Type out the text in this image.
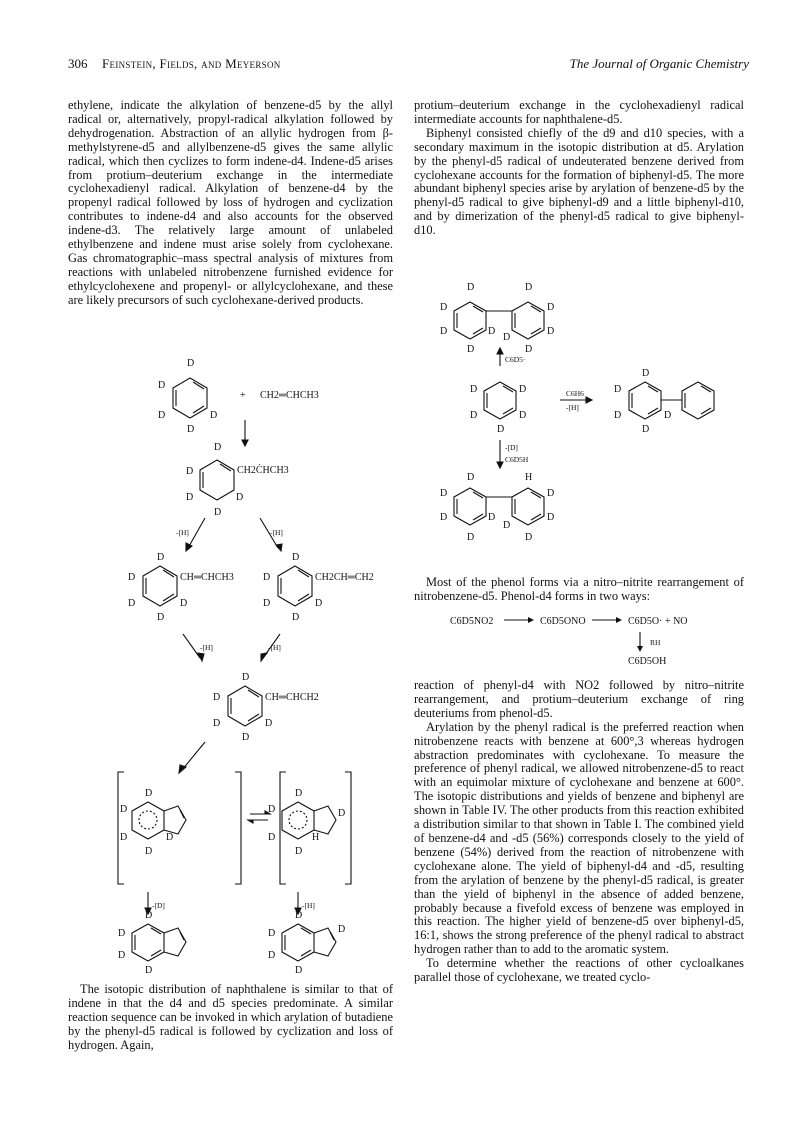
306 Feinstein, Fields, and Meyerson	The Journal of Organic Chemistry

ethylene, indicate the alkylation of benzene-d5 by the allyl radical or, alternatively, propyl-radical alkylation followed by dehydrogenation. Abstraction of an allylic hydrogen from β-methylstyrene-d5 and allylbenzene-d5 gives the same allylic radical, which then cyclizes to form indene-d4. Indene-d5 arises from protium–deuterium exchange in the intermediate cyclohexadienyl radical. Alkylation of benzene-d4 by the propenyl radical followed by loss of hydrogen and cyclization contributes to indene-d4 and also accounts for the observed indene-d3. The relatively large amount of unlabeled ethylbenzene and indene must arise solely from cyclohexane. Gas chromatographic–mass spectral analysis of mixtures from reactions with unlabeled nitrobenzene furnished evidence for ethylcyclohexene and propenyl- or allylcyclohexane, and these are likely precursors of such cyclohexane-derived products.

protium–deuterium exchange in the cyclohexadienyl radical intermediate accounts for naphthalene-d5.

Biphenyl consisted chiefly of the d9 and d10 species, with a secondary maximum in the isotopic distribution at d5. Arylation by the phenyl-d5 radical of undeuterated benzene derived from cyclohexane accounts for the formation of biphenyl-d5. The more abundant biphenyl species arise by arylation of benzene-d5 by the phenyl-d5 radical to give biphenyl-d9 and a little biphenyl-d10, and by dimerization of the phenyl-d5 radical to give biphenyl-d10.

D
D
D	D
D
+ CH2═CHCH3
D
D
D	D
D
CH2ĊHCH3
-[H]	-[H]
D
D
D	D
D
CH═CHCH3
D
D
D	D
D
CH2CH═CH2
-[H]	-[H]
D
D
D	D
D
CH═CHCH2
D
D
D	D
D
D
D
D	H
D
D
-[D]	-[H]
D
D
D
D
D
D
D
D
D
D	D
D	D
D	D
D
D
D	D
C6D5·
D	D
D	D
D
C6H6
-[H]
D
D
D	D
D
-[D]
C6D5H
D	H
D	D
D	D
D
D
D	D

Most of the phenol forms via a nitro–nitrite rearrangement of nitrobenzene-d5. Phenol-d4 forms in two ways:

C6D5NO2	C6D5ONO	C6D5O· + NO
RH
C6D5OH

reaction of phenyl-d4 with NO2 followed by nitro–nitrite rearrangement, and protium–deuterium exchange of ring deuteriums from phenol-d5.

Arylation by the phenyl radical is the preferred reaction when nitrobenzene reacts with benzene at 600°,3 whereas hydrogen abstraction predominates with cyclohexane. To measure the preference of phenyl radical, we allowed nitrobenzene-d5 to react with an equimolar mixture of cyclohexane and benzene at 600°. The isotopic distributions and yields of benzene and biphenyl are shown in Table IV. The other products from this reaction exhibited a distribution similar to that shown in Table I. The combined yield of benzene-d4 and -d5 (56%) corresponds closely to the yield of benzene (54%) derived from the reaction of nitrobenzene with cyclohexane alone. The yield of biphenyl-d4 and -d5, resulting from the arylation of benzene by the phenyl-d5 radical, is greater than the yield of biphenyl in the absence of added benzene, probably because a fivefold excess of benzene was employed in this reaction. The higher yield of benzene-d5 over biphenyl-d5, 16:1, shows the strong preference of the phenyl radical to abstract hydrogen rather than to add to the aromatic system.

To determine whether the reactions of other cycloalkanes parallel those of cyclohexane, we treated cyclo-

The isotopic distribution of naphthalene is similar to that of indene in that the d4 and d5 species predominate. A similar reaction sequence can be invoked in which arylation of butadiene by the phenyl-d5 radical is followed by cyclization and loss of hydrogen. Again,
